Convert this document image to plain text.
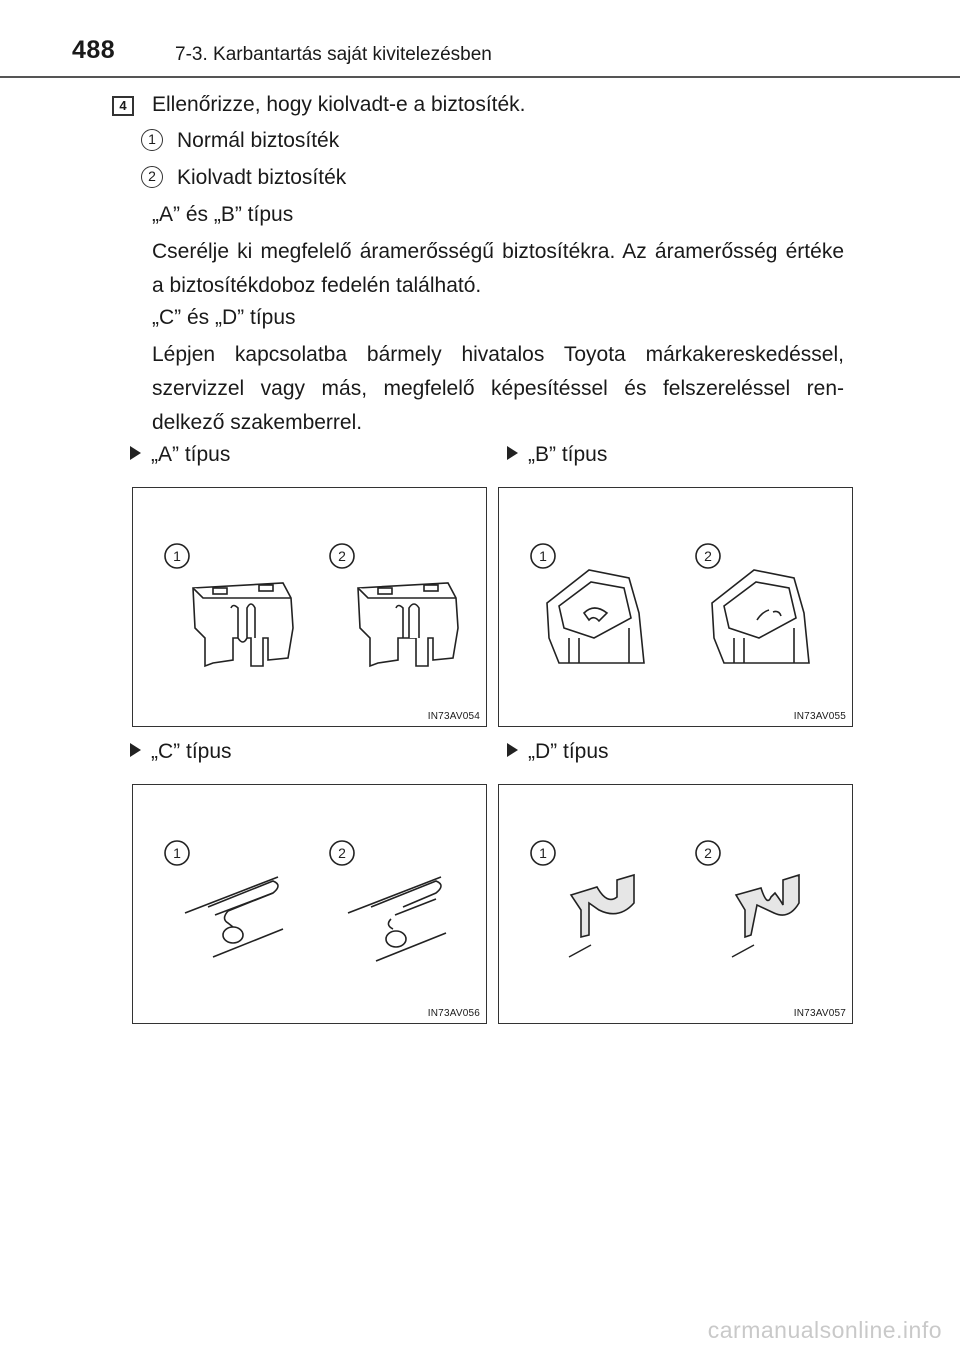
488	7-3. Karbantartás saját kivitelezésben
4	Ellenőrizze, hogy kiolvadt-e a biztosíték.
1	Normál biztosíték
2	Kiolvadt biztosíték
„A” és „B” típus
Cserélje ki megfelelő áramerősségű biztosítékra. Az áramerősség értéke a biztosítékdoboz fedelén található.
„C” és „D” típus
Lépjen kapcsolatba bármely hivatalos Toyota márkakereskedéssel, szervizzel vagy más, megfelelő képesítéssel és felszereléssel ren- delkező szakemberrel.
„A” típus	„B” típus
„C” típus	„D” típus
1	2
IN73AV054
1	2
IN73AV055
1	2
IN73AV056
1	2
IN73AV057
carmanualsonline.info
